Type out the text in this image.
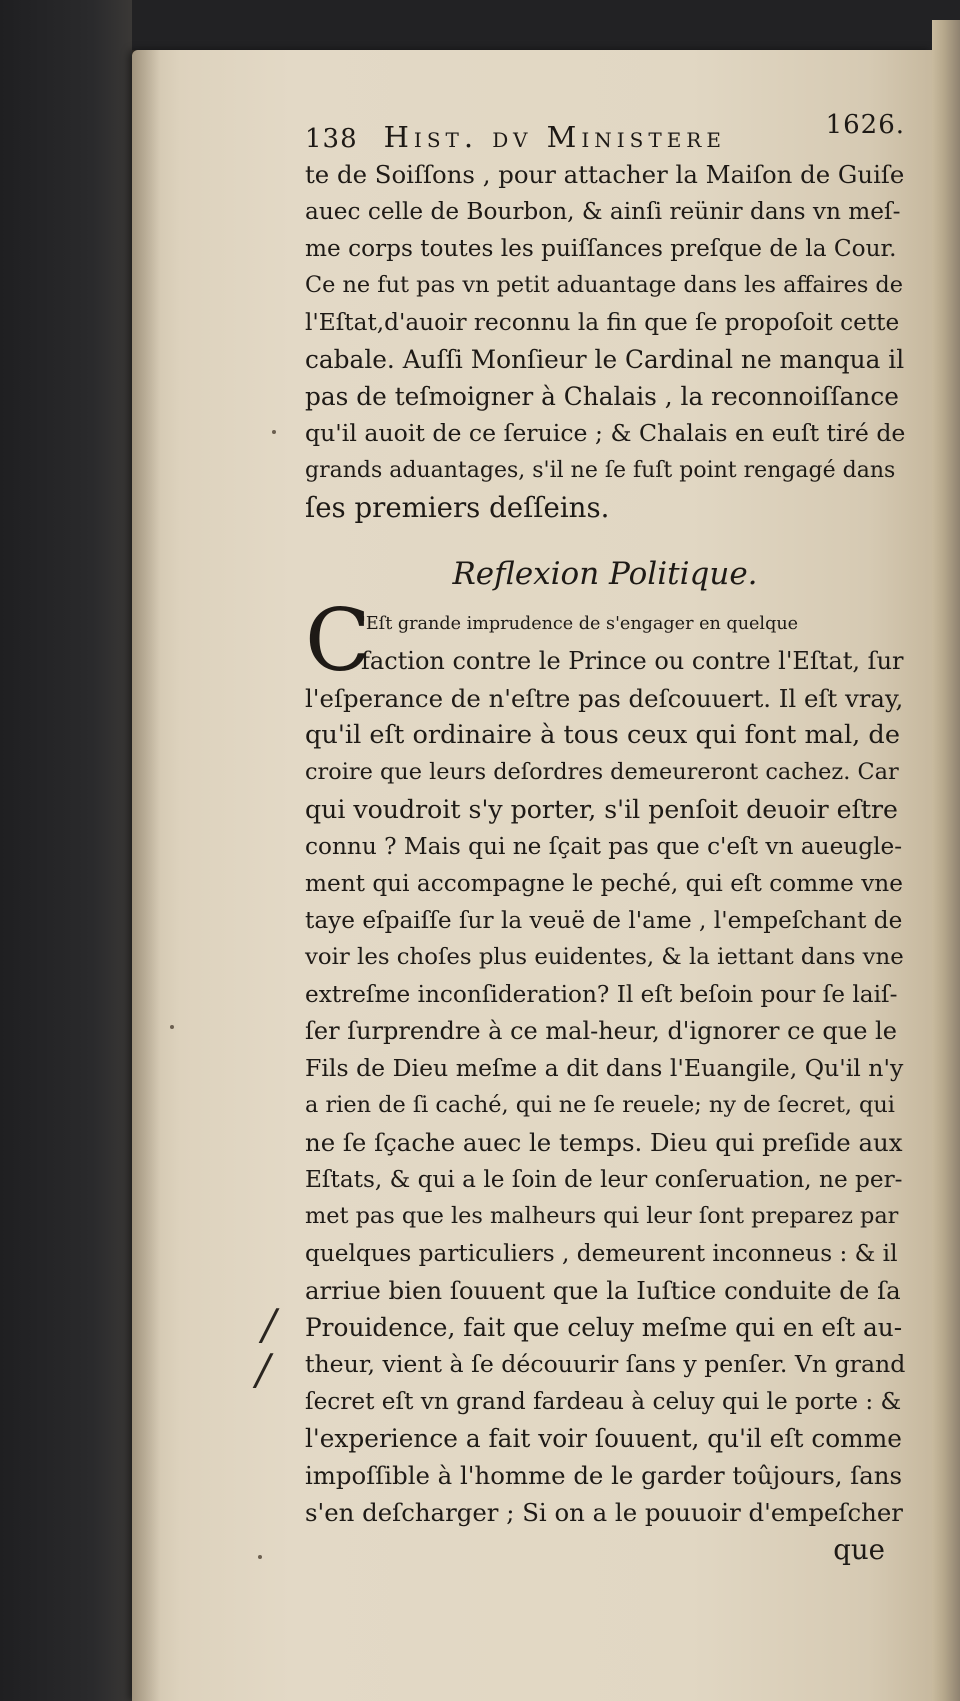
/
/
138 Hist. dv Ministere	1626.
te de Soiſſons , pour attacher la Maiſon de Guiſe
auec celle de Bourbon, & ainſi reünir dans vn meſ-
me corps toutes les puiſſances preſque de la Cour.
Ce ne fut pas vn petit aduantage dans les affaires de
l'Eſtat,d'auoir reconnu la fin que ſe propoſoit cette
cabale. Auſſi Monſieur le Cardinal ne manqua il
pas de teſmoigner à Chalais , la reconnoiſſance
qu'il auoit de ce ſeruice ; & Chalais en euſt tiré de
grands aduantages, s'il ne ſe fuſt point rengagé dans
ſes premiers deſſeins.
Reflexion Politique.
C
'Eſt grande imprudence de s'engager en quelque
faction contre le Prince ou contre l'Eſtat, ſur
l'eſperance de n'eſtre pas deſcouuert. Il eſt vray,
qu'il eſt ordinaire à tous ceux qui font mal, de
croire que leurs deſordres demeureront cachez. Car
qui voudroit s'y porter, s'il penſoit deuoir eſtre
connu ? Mais qui ne ſçait pas que c'eſt vn aueugle-
ment qui accompagne le peché, qui eſt comme vne
taye eſpaiſſe ſur la veuë de l'ame , l'empeſchant de
voir les choſes plus euidentes, & la iettant dans vne
extreſme inconſideration? Il eſt beſoin pour ſe laiſ-
ſer ſurprendre à ce mal-heur, d'ignorer ce que le
Fils de Dieu meſme a dit dans l'Euangile, Qu'il n'y
a rien de ſi caché, qui ne ſe reuele; ny de ſecret, qui
ne ſe ſçache auec le temps. Dieu qui preſide aux
Eſtats, & qui a le ſoin de leur conſeruation, ne per-
met pas que les malheurs qui leur ſont preparez par
quelques particuliers , demeurent inconneus : & il
arriue bien ſouuent que la Iuſtice conduite de ſa
Prouidence, fait que celuy meſme qui en eſt au-
theur, vient à ſe découurir ſans y penſer. Vn grand
ſecret eſt vn grand fardeau à celuy qui le porte : &
l'experience a fait voir ſouuent, qu'il eſt comme
impoſſible à l'homme de le garder toûjours, ſans
s'en deſcharger ; Si on a le pouuoir d'empeſcher
que
